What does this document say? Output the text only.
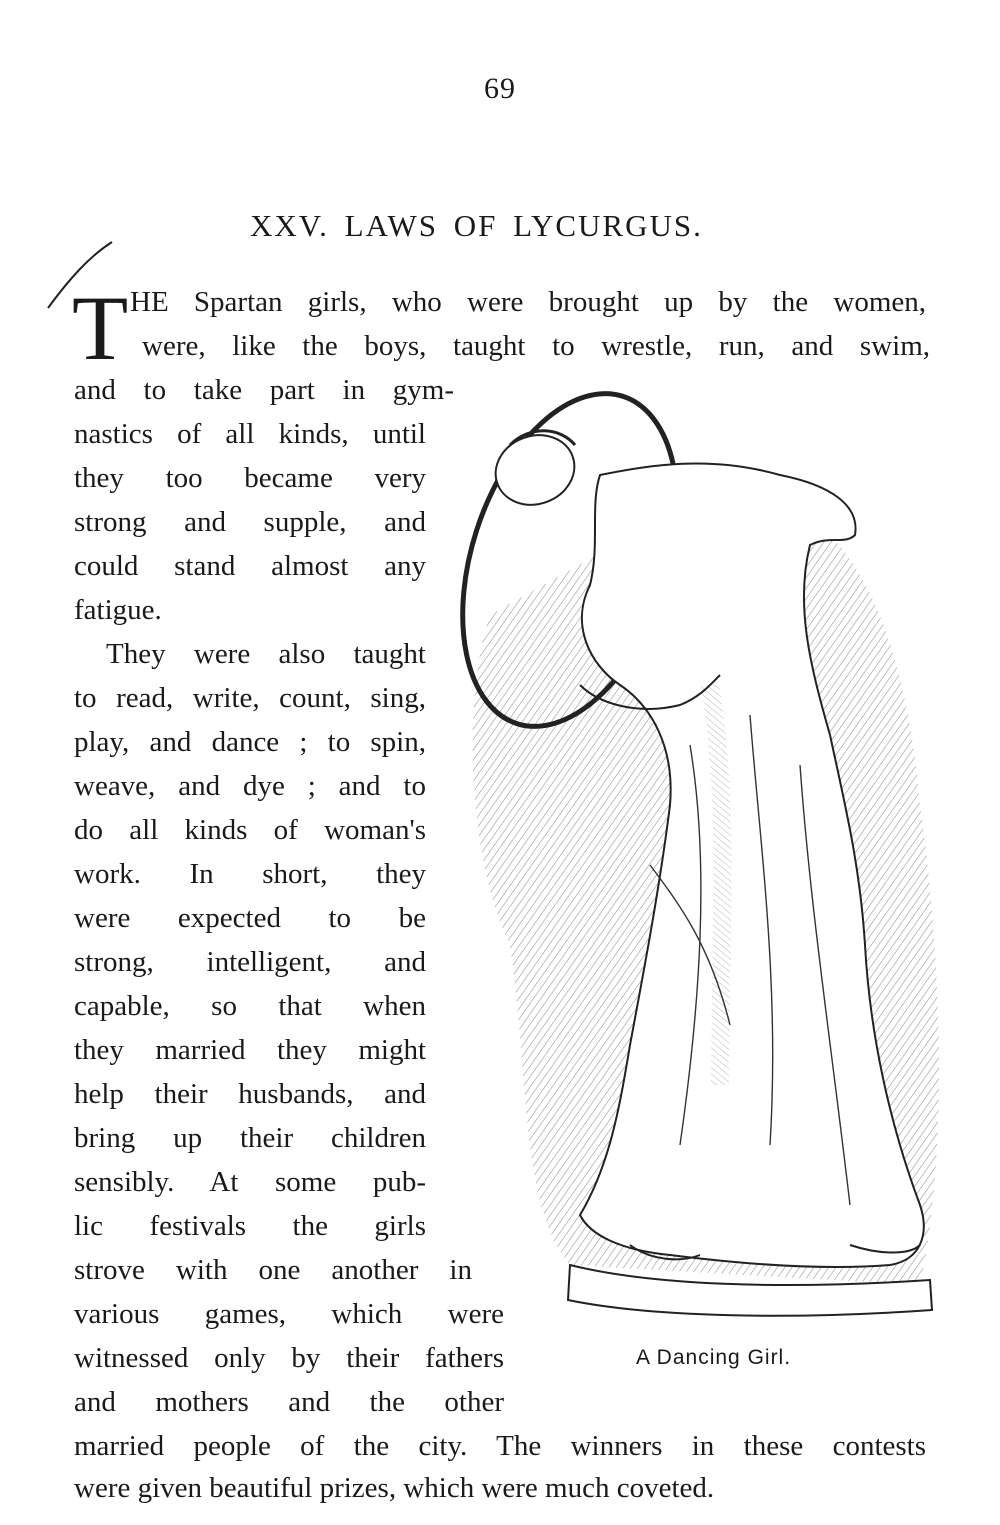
69
XXV. LAWS OF LYCURGUS.
T HE Spartan girls, who were brought up by the women,
were, like the boys, taught to wrestle, run, and swim,
and to take part in gym-
nastics of all kinds, until
they too became very
strong and supple, and
could stand almost any
fatigue.
They were also taught
to read, write, count, sing,
play, and dance ; to spin,
weave, and dye ; and to
do all kinds of woman's
work. In short, they
were expected to be
strong, intelligent, and
capable, so that when
they married they might
help their husbands, and
bring up their children
sensibly. At some pub-
lic festivals the girls
strove with one another in
various games, which were
witnessed only by their fathers
and mothers and the other
married people of the city. The winners in these contests
were given beautiful prizes, which were much coveted.
A Dancing Girl.
